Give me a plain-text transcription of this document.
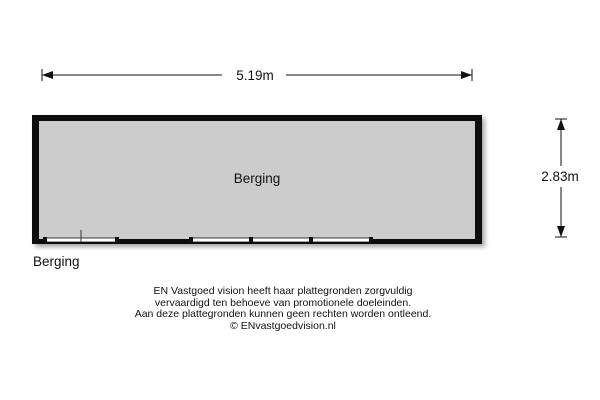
5.19m
Berging	2.83m
Berging
EN Vastgoed vision heeft haar plattegronden zorgvuldig
vervaardigd ten behoeve van promotionele doeleinden.
Aan deze plattegronden kunnen geen rechten worden ontleend.
© ENvastgoedvision.nl
